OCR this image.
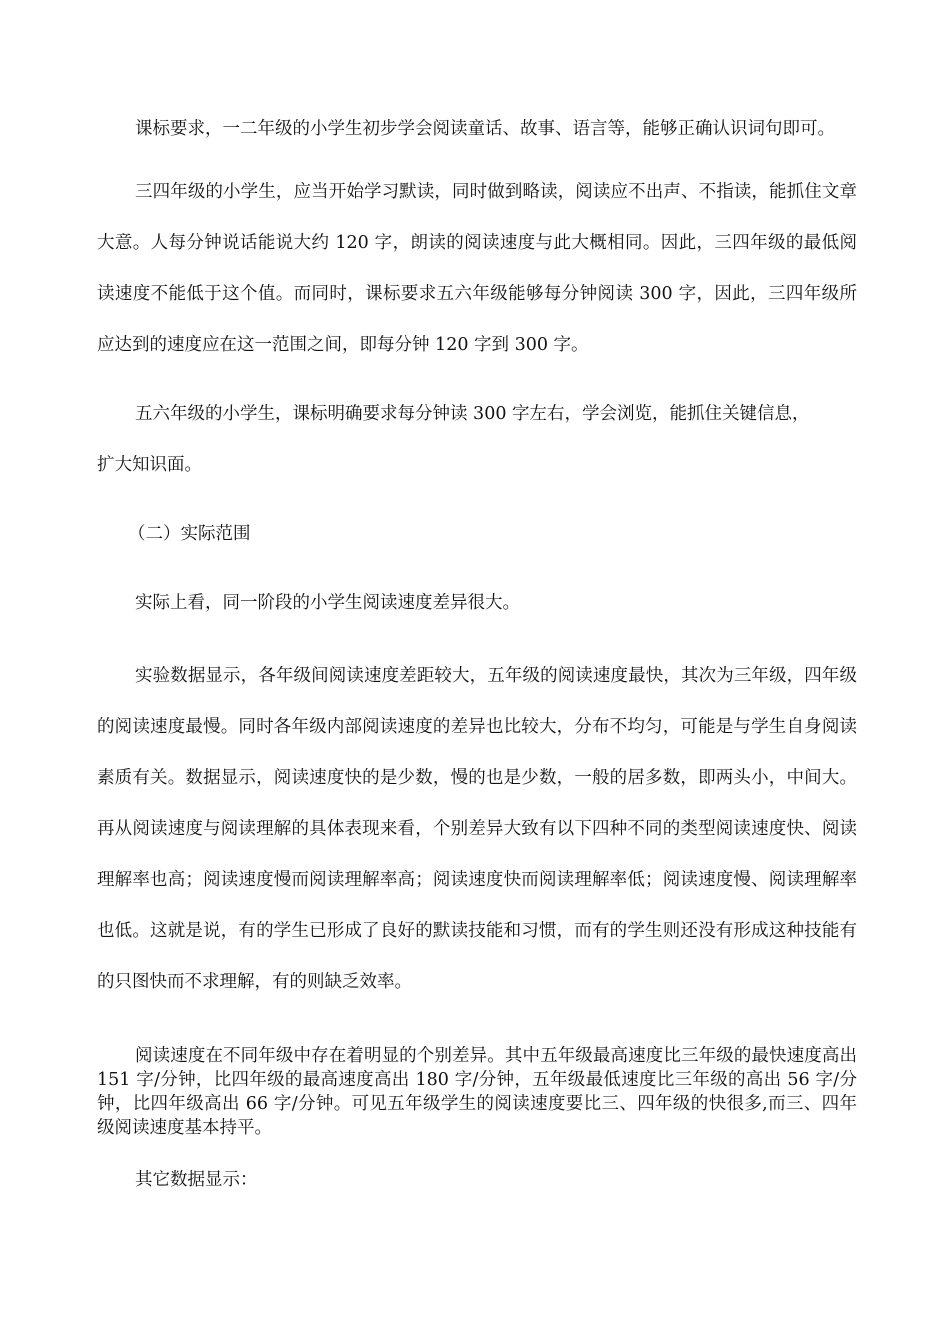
课标要求，一二年级的小学生初步学会阅读童话、故事、语言等，能够正确认识词句即可。

三四年级的小学生，应当开始学习默读，同时做到略读，阅读应不出声、不指读，能抓住文章大意。人每分钟说话能说大约 120 字，朗读的阅读速度与此大概相同。因此，三四年级的最低阅读速度不能低于这个值。而同时，课标要求五六年级能够每分钟阅读 300 字，因此，三四年级所应达到的速度应在这一范围之间，即每分钟 120 字到 300 字。

五六年级的小学生，课标明确要求每分钟读 300 字左右，学会浏览，能抓住关键信息，

扩大知识面。

（二）实际范围

实际上看，同一阶段的小学生阅读速度差异很大。

实验数据显示，各年级间阅读速度差距较大，五年级的阅读速度最快，其次为三年级，四年级的阅读速度最慢。同时各年级内部阅读速度的差异也比较大，分布不均匀，可能是与学生自身阅读素质有关。数据显示，阅读速度快的是少数，慢的也是少数，一般的居多数，即两头小，中间大。再从阅读速度与阅读理解的具体表现来看，个别差异大致有以下四种不同的类型阅读速度快、阅读理解率也高；阅读速度慢而阅读理解率高；阅读速度快而阅读理解率低；阅读速度慢、阅读理解率也低。这就是说，有的学生已形成了良好的默读技能和习惯，而有的学生则还没有形成这种技能有的只图快而不求理解，有的则缺乏效率。

阅读速度在不同年级中存在着明显的个别差异。其中五年级最高速度比三年级的最快速度高出 151 字/分钟，比四年级的最高速度高出 180 字/分钟，五年级最低速度比三年级的高出 56 字/分钟，比四年级高出 66 字/分钟。可见五年级学生的阅读速度要比三、四年级的快很多,而三、四年级阅读速度基本持平。

其它数据显示：
